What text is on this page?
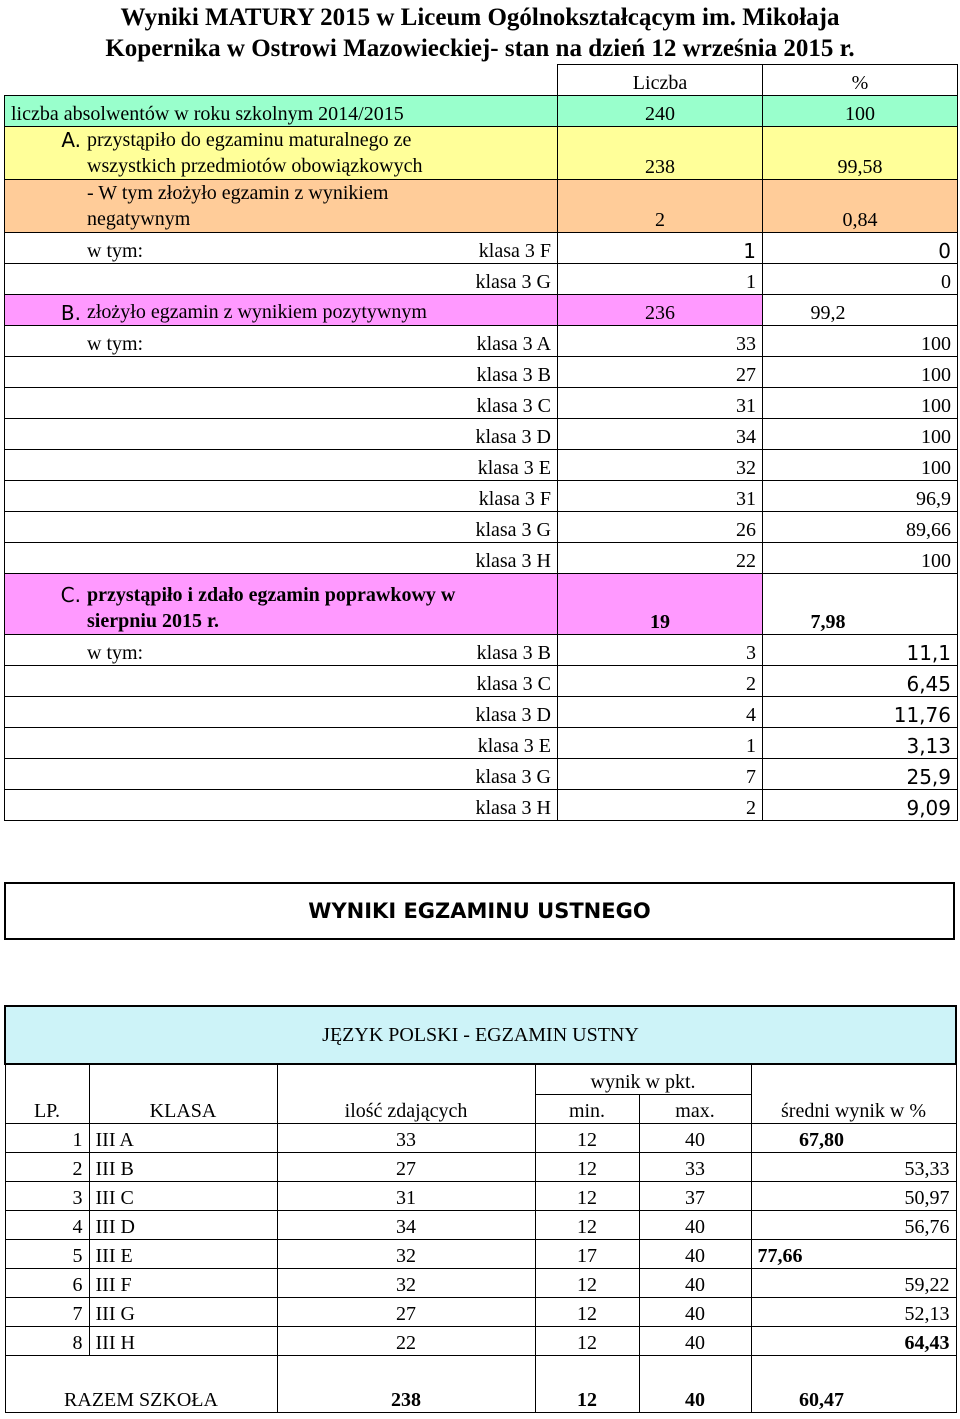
Wyniki MATURY 2015 w Liceum Ogólnokształcącym im. Mikołaja
Kopernika w Ostrowi Mazowieckiej- stan na dzień 12 września 2015 r.
	Liczba	%
liczba absolwentów w roku szkolnym 2014/2015	240	100

A. przystąpiło do egzaminu maturalnego ze wszystkich przedmiotów obowiązkowych	238	99,58

- W tym złożyło egzamin z wynikiem negatywnym	2	0,84
w tym: klasa 3 F	1	0
klasa 3 G	1	0

B. złożyło egzamin z wynikiem pozytywnym	236	99,2
w tym: klasa 3 A	33	100
klasa 3 B	27	100
klasa 3 C	31	100
klasa 3 D	34	100
klasa 3 E	32	100
klasa 3 F	31	96,9
klasa 3 G	26	89,66
klasa 3 H	22	100

C. przystąpiło i zdało egzamin poprawkowy w sierpniu 2015 r.	19	7,98
w tym: klasa 3 B	3	11,1
klasa 3 C	2	6,45
klasa 3 D	4	11,76
klasa 3 E	1	3,13
klasa 3 G	7	25,9
klasa 3 H	2	9,09
WYNIKI EGZAMINU USTNEGO
JĘZYK POLSKI - EGZAMIN USTNY					
LP.	KLASA	ilość zdających	wynik w pkt.		średni wynik w %
			min.	max.	
1	III A	33	12	40	67,80
2	III B	27	12	33	53,33
3	III C	31	12	37	50,97
4	III D	34	12	40	56,76
5	III E	32	17	40	77,66
6	III F	32	12	40	59,22
7	III G	27	12	40	52,13
8	III H	22	12	40	64,43
RAZEM SZKOŁA		238	12	40	60,47
